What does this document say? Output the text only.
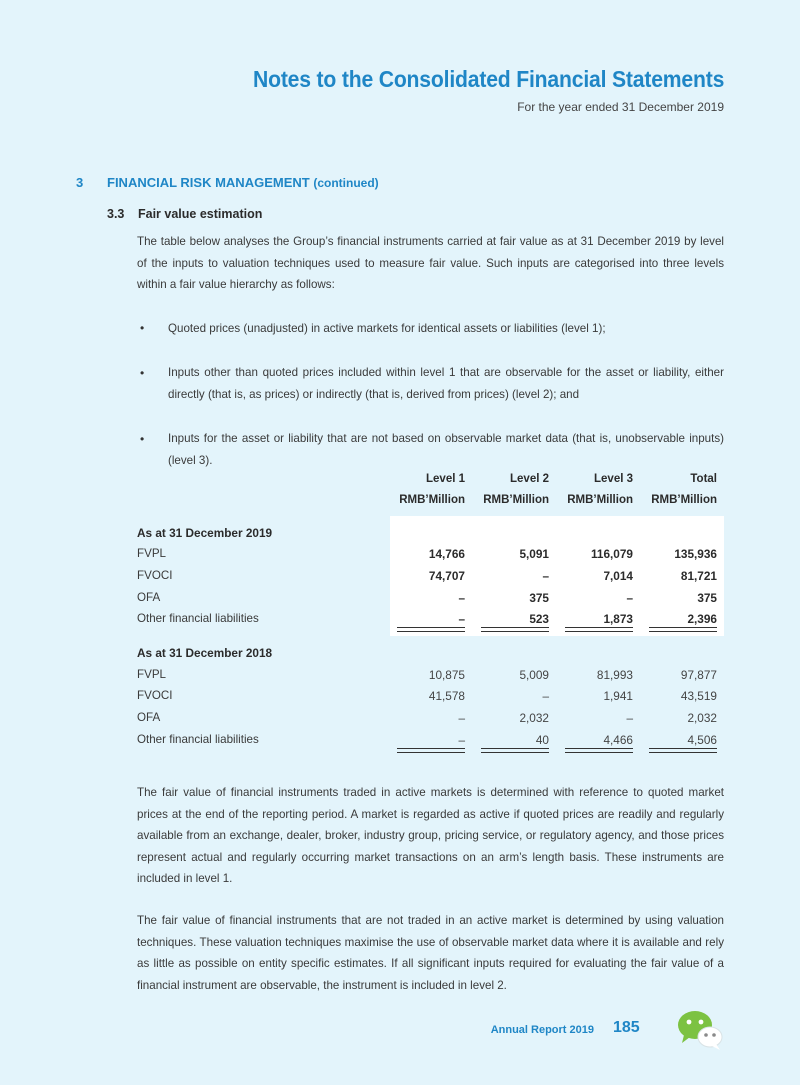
Notes to the Consolidated Financial Statements
For the year ended 31 December 2019
3 FINANCIAL RISK MANAGEMENT (continued)
3.3 Fair value estimation

The table below analyses the Group’s financial instruments carried at fair value as at 31 December 2019 by level of the inputs to valuation techniques used to measure fair value. Such inputs are categorised into three levels within a fair value hierarchy as follows:

• Quoted prices (unadjusted) in active markets for identical assets or liabilities (level 1);

• Inputs other than quoted prices included within level 1 that are observable for the asset or liability, either directly (that is, as prices) or indirectly (that is, derived from prices) (level 2); and

• Inputs for the asset or liability that are not based on observable market data (that is, unobservable inputs) (level 3).

Level 1	Level 2	Level 3	Total
RMB’Million	RMB’Million	RMB’Million	RMB’Million
As at 31 December 2019
FVPL	14,766	5,091	116,079	135,936
FVOCI	74,707	–	7,014	81,721
OFA	–	375	–	375
Other financial liabilities	–	523	1,873	2,396
As at 31 December 2018
FVPL	10,875	5,009	81,993	97,877
FVOCI	41,578	–	1,941	43,519
OFA	–	2,032	–	2,032
Other financial liabilities	–	40	4,466	4,506

The fair value of financial instruments traded in active markets is determined with reference to quoted market prices at the end of the reporting period. A market is regarded as active if quoted prices are readily and regularly available from an exchange, dealer, broker, industry group, pricing service, or regulatory agency, and those prices represent actual and regularly occurring market transactions on an arm’s length basis. These instruments are included in level 1.

The fair value of financial instruments that are not traded in an active market is determined by using valuation techniques. These valuation techniques maximise the use of observable market data where it is available and rely as little as possible on entity specific estimates. If all significant inputs required for evaluating the fair value of a financial instrument are observable, the instrument is included in level 2.

Annual Report 2019 185
